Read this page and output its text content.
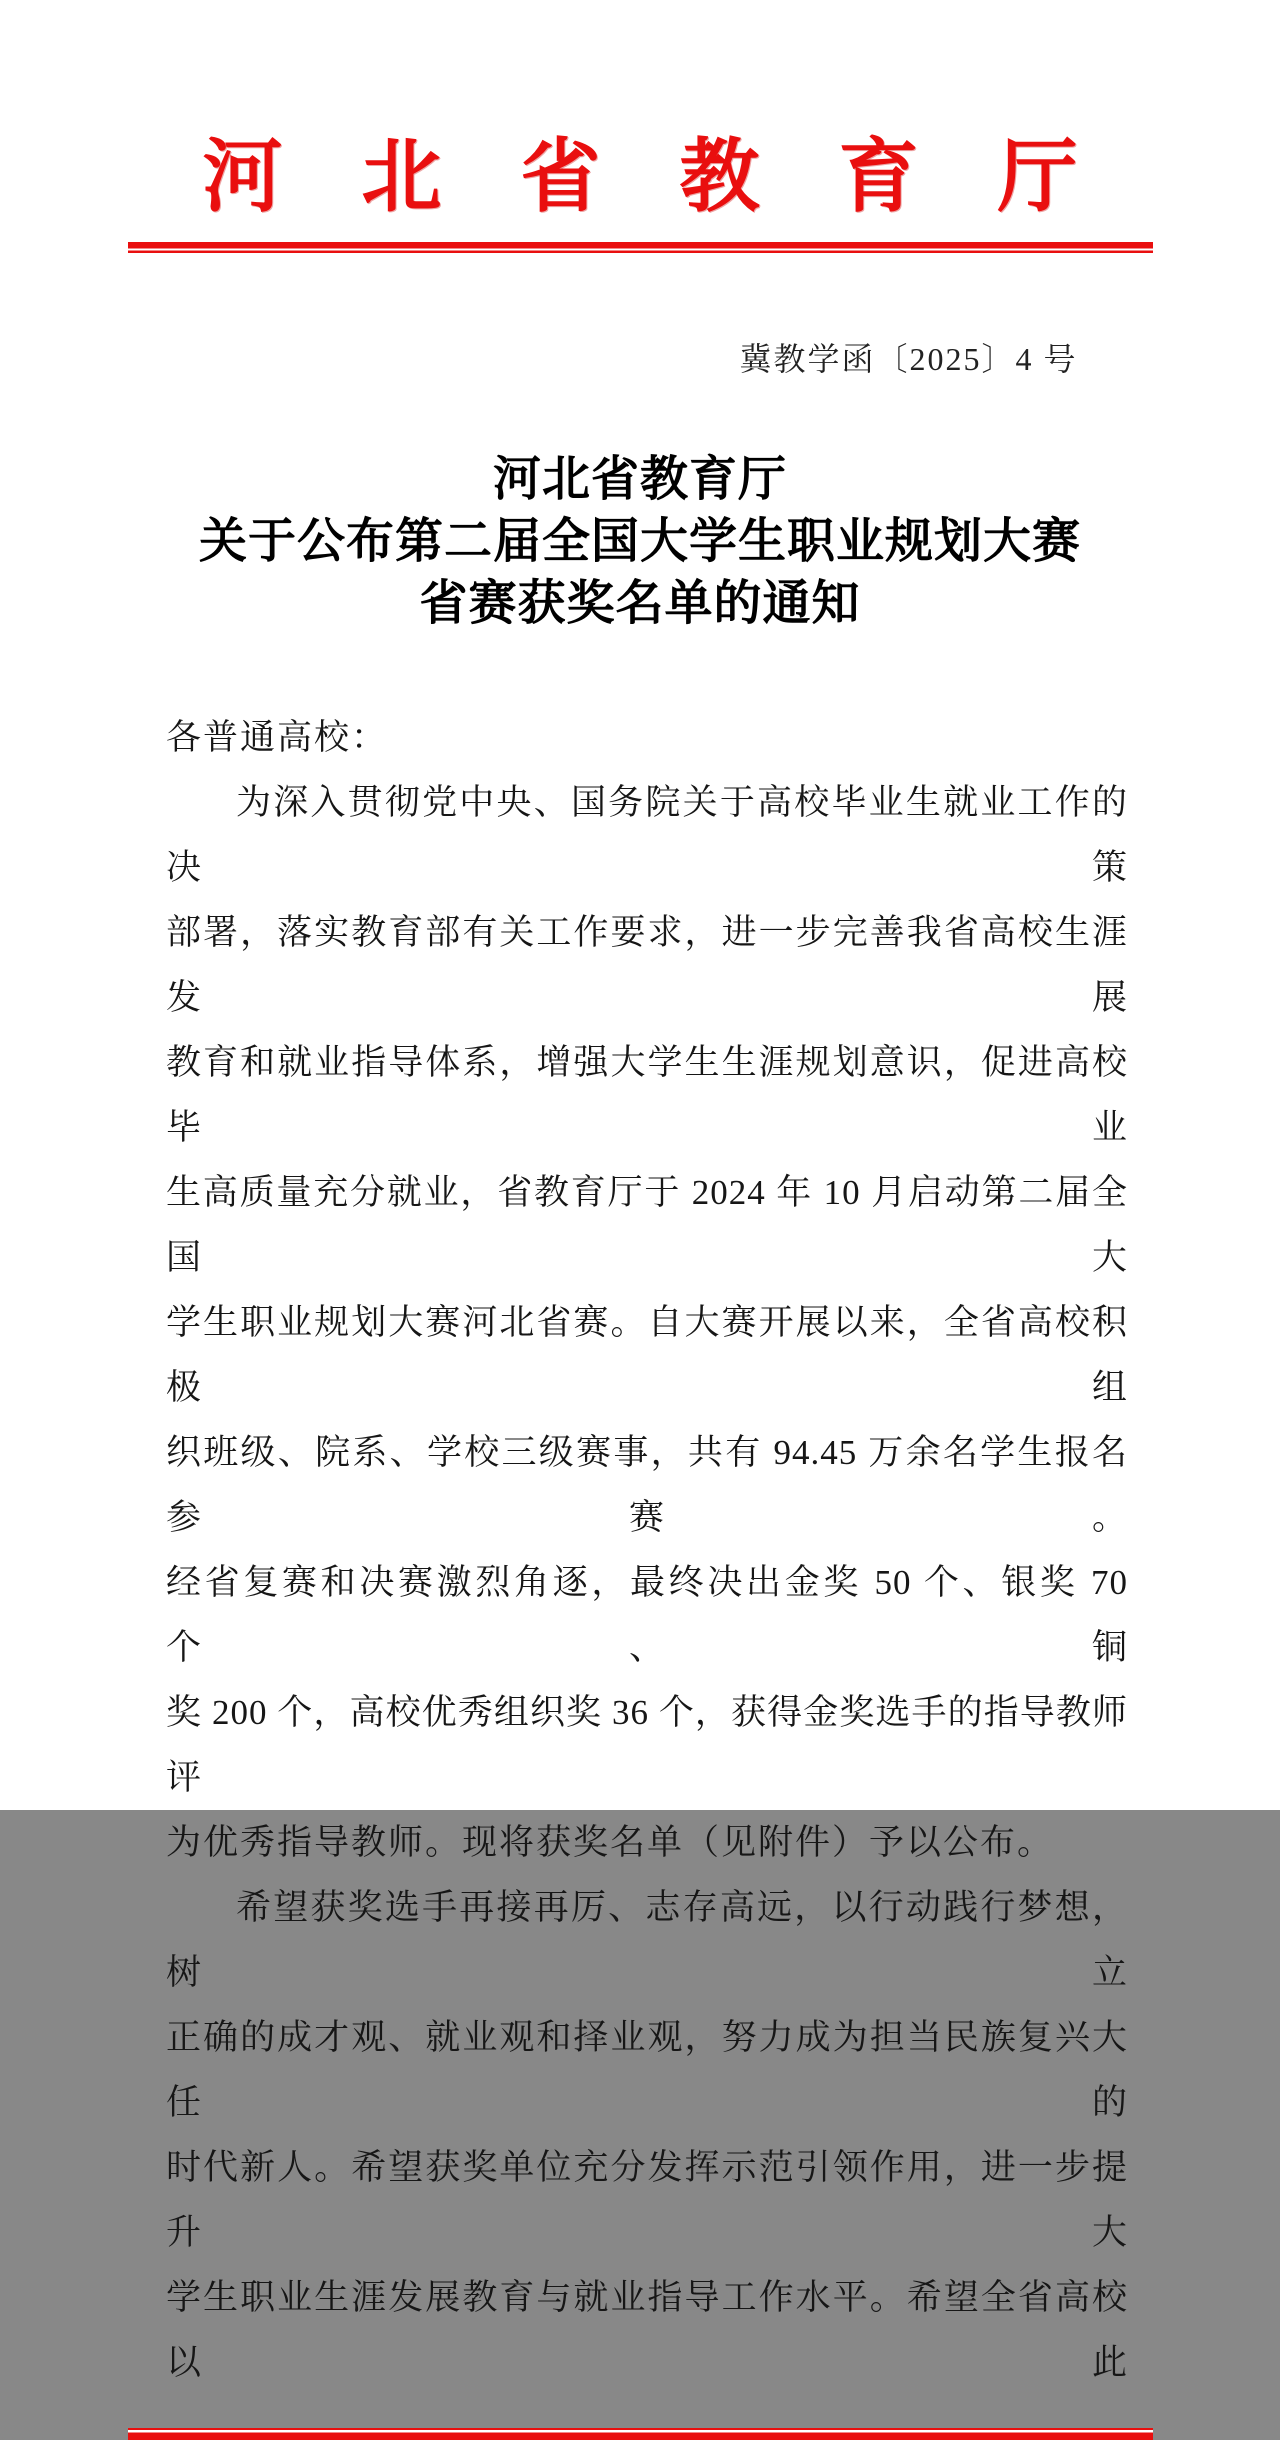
河 北 省 教 育 厅
冀教学函〔2025〕4 号
河北省教育厅
关于公布第二届全国大学生职业规划大赛
省赛获奖名单的通知
各普通高校：
为深入贯彻党中央、国务院关于高校毕业生就业工作的决策
部署，落实教育部有关工作要求，进一步完善我省高校生涯发展
教育和就业指导体系，增强大学生生涯规划意识，促进高校毕业
生高质量充分就业，省教育厅于 2024 年 10 月启动第二届全国大
学生职业规划大赛河北省赛。自大赛开展以来，全省高校积极组
织班级、院系、学校三级赛事，共有 94.45 万余名学生报名参赛。
经省复赛和决赛激烈角逐，最终决出金奖 50 个、银奖 70 个、铜
奖 200 个，高校优秀组织奖 36 个，获得金奖选手的指导教师评
为优秀指导教师。现将获奖名单（见附件）予以公布。
希望获奖选手再接再厉、志存高远，以行动践行梦想，树立
正确的成才观、就业观和择业观，努力成为担当民族复兴大任的
时代新人。希望获奖单位充分发挥示范引领作用，进一步提升大
学生职业生涯发展教育与就业指导工作水平。希望全省高校以此
